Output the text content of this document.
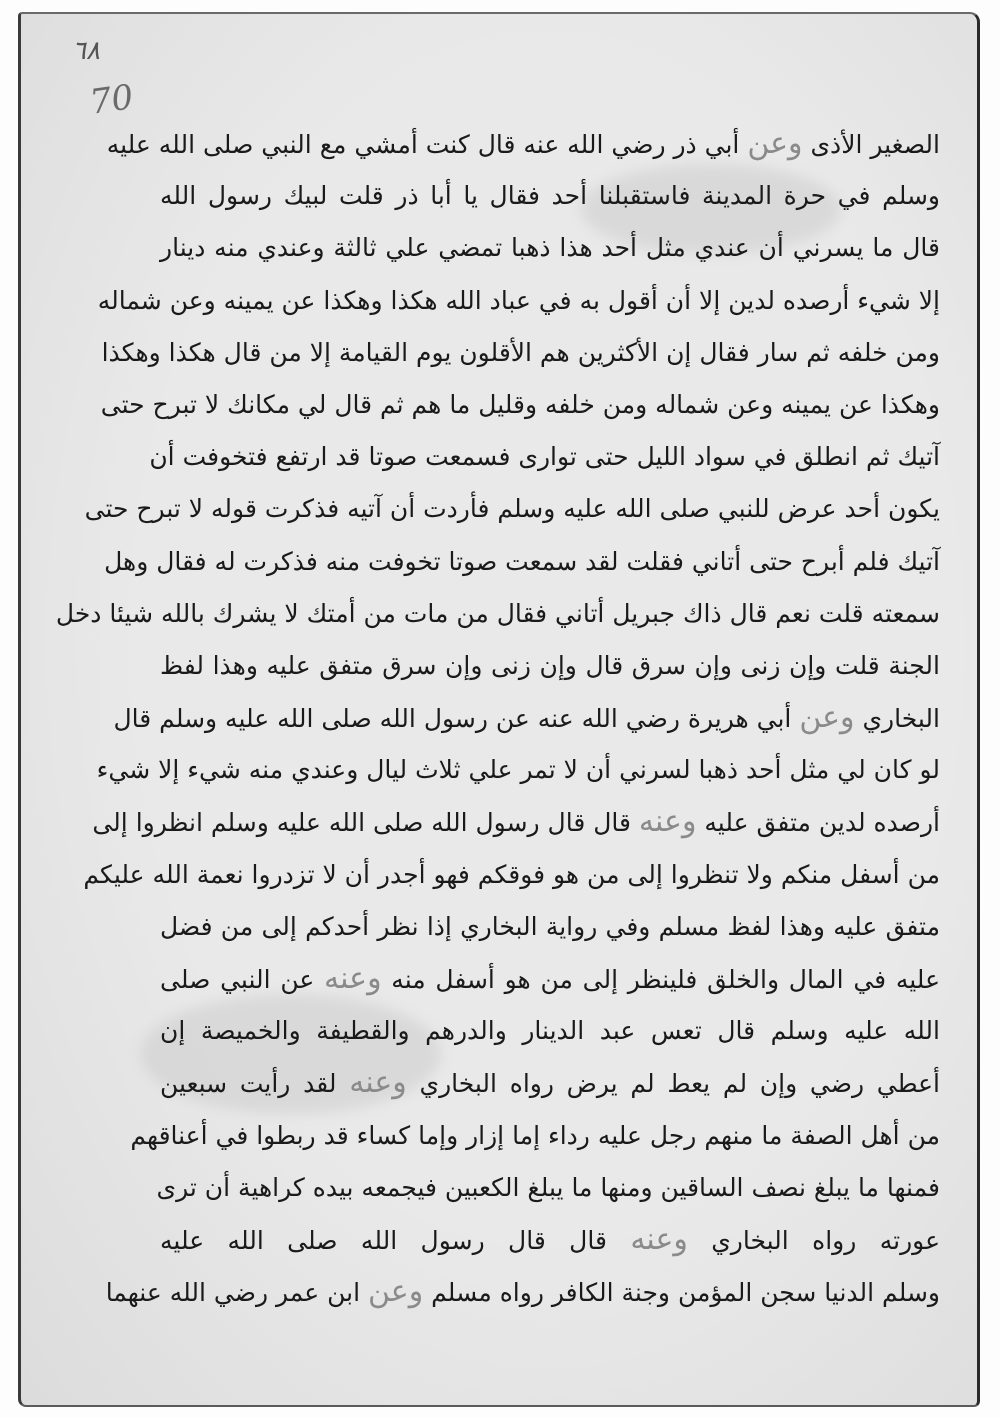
٦٨
70
الصغير الأذى وعن أبي ذر رضي الله عنه قال كنت أمشي مع النبي صلى الله عليه
وسلم في حرة المدينة فاستقبلنا أحد فقال يا أبا ذر قلت لبيك رسول الله
قال ما يسرني أن عندي مثل أحد هذا ذهبا تمضي علي ثالثة وعندي منه دينار
إلا شيء أرصده لدين إلا أن أقول به في عباد الله هكذا وهكذا عن يمينه وعن شماله
ومن خلفه ثم سار فقال إن الأكثرين هم الأقلون يوم القيامة إلا من قال هكذا وهكذا
وهكذا عن يمينه وعن شماله ومن خلفه وقليل ما هم ثم قال لي مكانك لا تبرح حتى
آتيك ثم انطلق في سواد الليل حتى توارى فسمعت صوتا قد ارتفع فتخوفت أن
يكون أحد عرض للنبي صلى الله عليه وسلم فأردت أن آتيه فذكرت قوله لا تبرح حتى
آتيك فلم أبرح حتى أتاني فقلت لقد سمعت صوتا تخوفت منه فذكرت له فقال وهل
سمعته قلت نعم قال ذاك جبريل أتاني فقال من مات من أمتك لا يشرك بالله شيئا دخل
الجنة قلت وإن زنى وإن سرق قال وإن زنى وإن سرق متفق عليه وهذا لفظ
البخاري وعن أبي هريرة رضي الله عنه عن رسول الله صلى الله عليه وسلم قال
لو كان لي مثل أحد ذهبا لسرني أن لا تمر علي ثلاث ليال وعندي منه شيء إلا شيء
أرصده لدين متفق عليه وعنه قال قال رسول الله صلى الله عليه وسلم انظروا إلى
من أسفل منكم ولا تنظروا إلى من هو فوقكم فهو أجدر أن لا تزدروا نعمة الله عليكم
متفق عليه وهذا لفظ مسلم وفي رواية البخاري إذا نظر أحدكم إلى من فضل
عليه في المال والخلق فلينظر إلى من هو أسفل منه وعنه عن النبي صلى
الله عليه وسلم قال تعس عبد الدينار والدرهم والقطيفة والخميصة إن
أعطي رضي وإن لم يعط لم يرض رواه البخاري وعنه لقد رأيت سبعين
من أهل الصفة ما منهم رجل عليه رداء إما إزار وإما كساء قد ربطوا في أعناقهم
فمنها ما يبلغ نصف الساقين ومنها ما يبلغ الكعبين فيجمعه بيده كراهية أن ترى
عورته رواه البخاري وعنه قال قال رسول الله صلى الله عليه
وسلم الدنيا سجن المؤمن وجنة الكافر رواه مسلم وعن ابن عمر رضي الله عنهما
